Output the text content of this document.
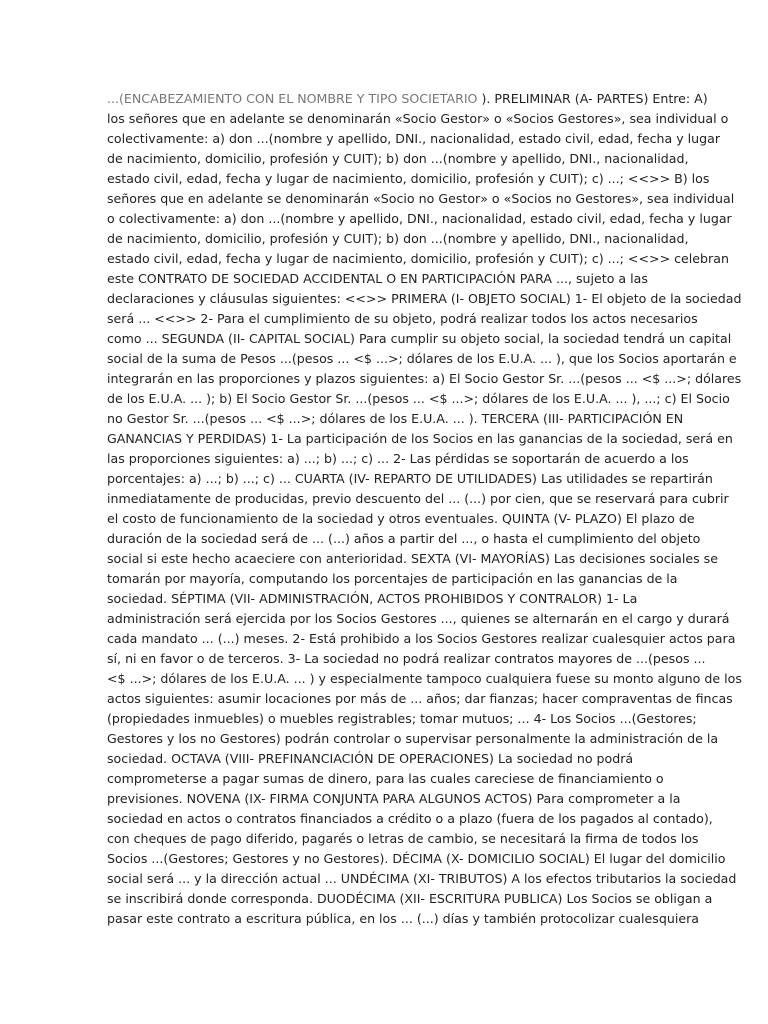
...(ENCABEZAMIENTO CON EL NOMBRE Y TIPO SOCIETARIO ). PRELIMINAR (A- PARTES) Entre: A)
los señores que en adelante se denominarán «Socio Gestor» o «Socios Gestores», sea individual o
colectivamente: a) don ...(nombre y apellido, DNI., nacionalidad, estado civil, edad, fecha y lugar
de nacimiento, domicilio, profesión y CUIT); b) don ...(nombre y apellido, DNI., nacionalidad,
estado civil, edad, fecha y lugar de nacimiento, domicilio, profesión y CUIT); c) ...; <<>> B) los
señores que en adelante se denominarán «Socio no Gestor» o «Socios no Gestores», sea individual
o colectivamente: a) don ...(nombre y apellido, DNI., nacionalidad, estado civil, edad, fecha y lugar
de nacimiento, domicilio, profesión y CUIT); b) don ...(nombre y apellido, DNI., nacionalidad,
estado civil, edad, fecha y lugar de nacimiento, domicilio, profesión y CUIT); c) ...; <<>> celebran
este CONTRATO DE SOCIEDAD ACCIDENTAL O EN PARTICIPACIÓN PARA ..., sujeto a las
declaraciones y cláusulas siguientes: <<>> PRIMERA (I- OBJETO SOCIAL) 1- El objeto de la sociedad
será ... <<>> 2- Para el cumplimiento de su objeto, podrá realizar todos los actos necesarios
como ... SEGUNDA (II- CAPITAL SOCIAL) Para cumplir su objeto social, la sociedad tendrá un capital
social de la suma de Pesos ...(pesos ... <$ ...>; dólares de los E.U.A. ... ), que los Socios aportarán e
integrarán en las proporciones y plazos siguientes: a) El Socio Gestor Sr. ...(pesos ... <$ ...>; dólares
de los E.U.A. ... ); b) El Socio Gestor Sr. ...(pesos ... <$ ...>; dólares de los E.U.A. ... ), ...; c) El Socio
no Gestor Sr. ...(pesos ... <$ ...>; dólares de los E.U.A. ... ). TERCERA (III- PARTICIPACIÓN EN
GANANCIAS Y PERDIDAS) 1- La participación de los Socios en las ganancias de la sociedad, será en
las proporciones siguientes: a) ...; b) ...; c) ... 2- Las pérdidas se soportarán de acuerdo a los
porcentajes: a) ...; b) ...; c) ... CUARTA (IV- REPARTO DE UTILIDADES) Las utilidades se repartirán
inmediatamente de producidas, previo descuento del ... (...) por cien, que se reservará para cubrir
el costo de funcionamiento de la sociedad y otros eventuales. QUINTA (V- PLAZO) El plazo de
duración de la sociedad será de ... (...) años a partir del ..., o hasta el cumplimiento del objeto
social si este hecho acaeciere con anterioridad. SEXTA (VI- MAYORÍAS) Las decisiones sociales se
tomarán por mayoría, computando los porcentajes de participación en las ganancias de la
sociedad. SÉPTIMA (VII- ADMINISTRACIÓN, ACTOS PROHIBIDOS Y CONTRALOR) 1- La
administración será ejercida por los Socios Gestores ..., quienes se alternarán en el cargo y durará
cada mandato ... (...) meses. 2- Está prohibido a los Socios Gestores realizar cualesquier actos para
sí, ni en favor o de terceros. 3- La sociedad no podrá realizar contratos mayores de ...(pesos ...
<$ ...>; dólares de los E.U.A. ... ) y especialmente tampoco cualquiera fuese su monto alguno de los
actos siguientes: asumir locaciones por más de ... años; dar fianzas; hacer compraventas de fincas
(propiedades inmuebles) o muebles registrables; tomar mutuos; ... 4- Los Socios ...(Gestores;
Gestores y los no Gestores) podrán controlar o supervisar personalmente la administración de la
sociedad. OCTAVA (VIII- PREFINANCIACIÓN DE OPERACIONES) La sociedad no podrá
comprometerse a pagar sumas de dinero, para las cuales careciese de financiamiento o
previsiones. NOVENA (IX- FIRMA CONJUNTA PARA ALGUNOS ACTOS) Para comprometer a la
sociedad en actos o contratos financiados a crédito o a plazo (fuera de los pagados al contado),
con cheques de pago diferido, pagarés o letras de cambio, se necesitará la firma de todos los
Socios ...(Gestores; Gestores y no Gestores). DÉCIMA (X- DOMICILIO SOCIAL) El lugar del domicilio
social será ... y la dirección actual ... UNDÉCIMA (XI- TRIBUTOS) A los efectos tributarios la sociedad
se inscribirá donde corresponda. DUODÉCIMA (XII- ESCRITURA PUBLICA) Los Socios se obligan a
pasar este contrato a escritura pública, en los ... (...) días y también protocolizar cualesquiera
